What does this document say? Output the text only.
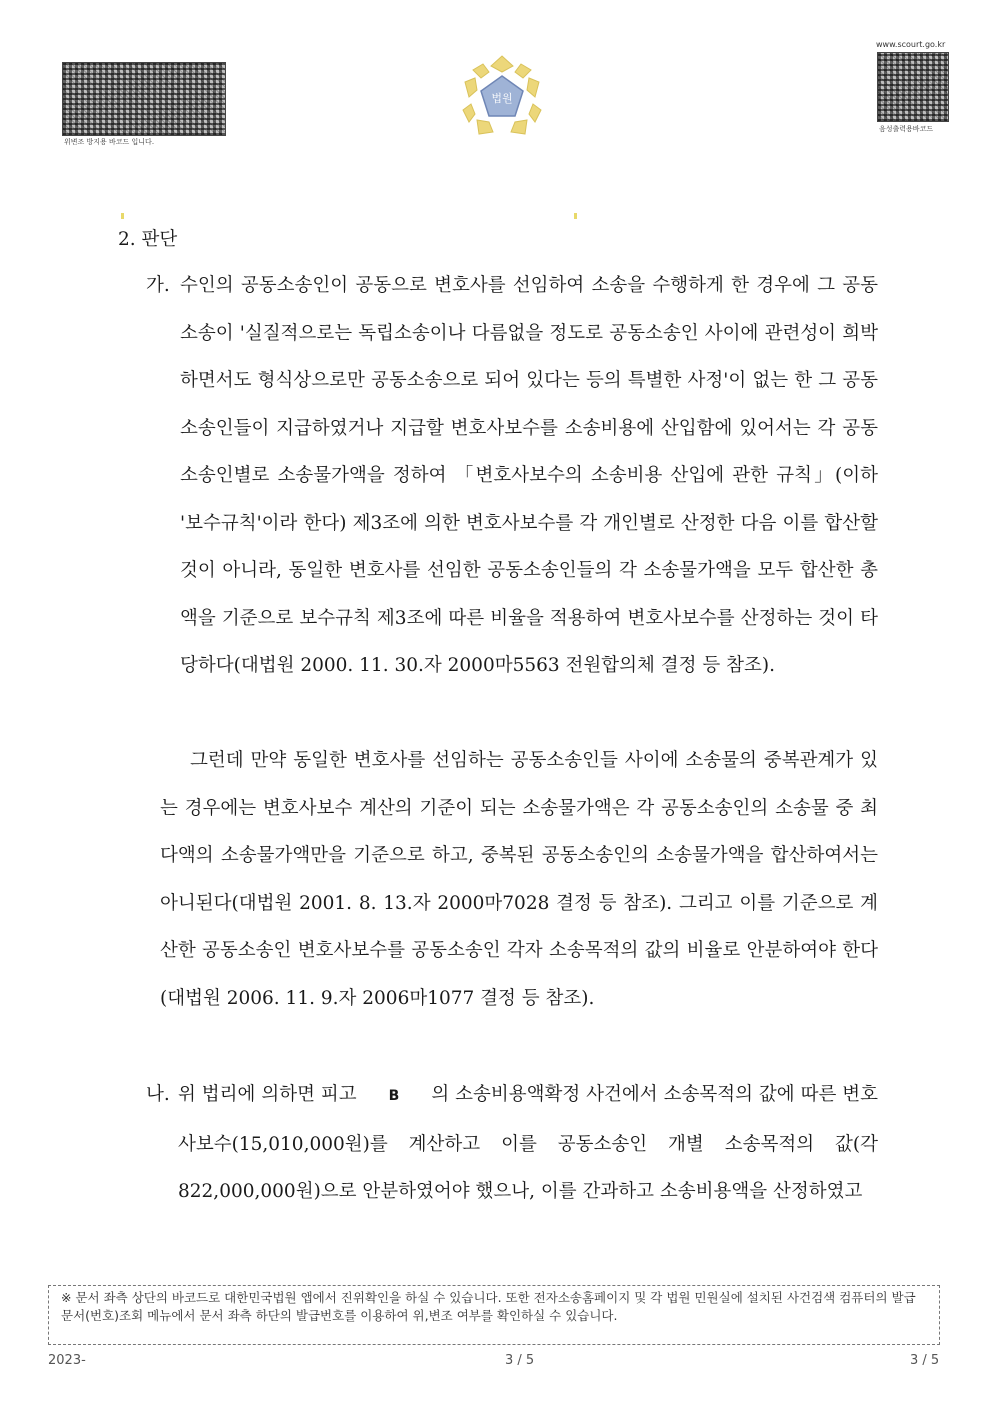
위변조 방지용 바코드 입니다.
법원
www.scourt.go.kr
음성출력용바코드
2. 판단
가. 수인의 공동소송인이 공동으로 변호사를 선임하여 소송을 수행하게 한 경우에 그 공동소송이 '실질적으로는 독립소송이나 다름없을 정도로 공동소송인 사이에 관련성이 희박하면서도 형식상으로만 공동소송으로 되어 있다는 등의 특별한 사정'이 없는 한 그 공동소송인들이 지급하였거나 지급할 변호사보수를 소송비용에 산입함에 있어서는 각 공동소송인별로 소송물가액을 정하여 「변호사보수의 소송비용 산입에 관한 규칙」(이하 '보수규칙'이라 한다) 제3조에 의한 변호사보수를 각 개인별로 산정한 다음 이를 합산할 것이 아니라, 동일한 변호사를 선임한 공동소송인들의 각 소송물가액을 모두 합산한 총액을 기준으로 보수규칙 제3조에 따른 비율을 적용하여 변호사보수를 산정하는 것이 타당하다(대법원 2000. 11. 30.자 2000마5563 전원합의체 결정 등 참조).
그런데 만약 동일한 변호사를 선임하는 공동소송인들 사이에 소송물의 중복관계가 있는 경우에는 변호사보수 계산의 기준이 되는 소송물가액은 각 공동소송인의 소송물 중 최다액의 소송물가액만을 기준으로 하고, 중복된 공동소송인의 소송물가액을 합산하여서는 아니된다(대법원 2001. 8. 13.자 2000마7028 결정 등 참조). 그리고 이를 기준으로 계산한 공동소송인 변호사보수를 공동소송인 각자 소송목적의 값의 비율로 안분하여야 한다(대법원 2006. 11. 9.자 2006마1077 결정 등 참조).
나. 위 법리에 의하면 피고 B 의 소송비용액확정 사건에서 소송목적의 값에 따른 변호사보수(15,010,000원)를 계산하고 이를 공동소송인 개별 소송목적의 값(각 822,000,000원)으로 안분하였어야 했으나, 이를 간과하고 소송비용액을 산정하였고
※ 문서 좌측 상단의 바코드로 대한민국법원 앱에서 진위확인을 하실 수 있습니다. 또한 전자소송홈페이지 및 각 법원 민원실에 설치된 사건검색 컴퓨터의 발급문서(번호)조회 메뉴에서 문서 좌측 하단의 발급번호를 이용하여 위,변조 여부를 확인하실 수 있습니다.
2023-	3 / 5	3 / 5
